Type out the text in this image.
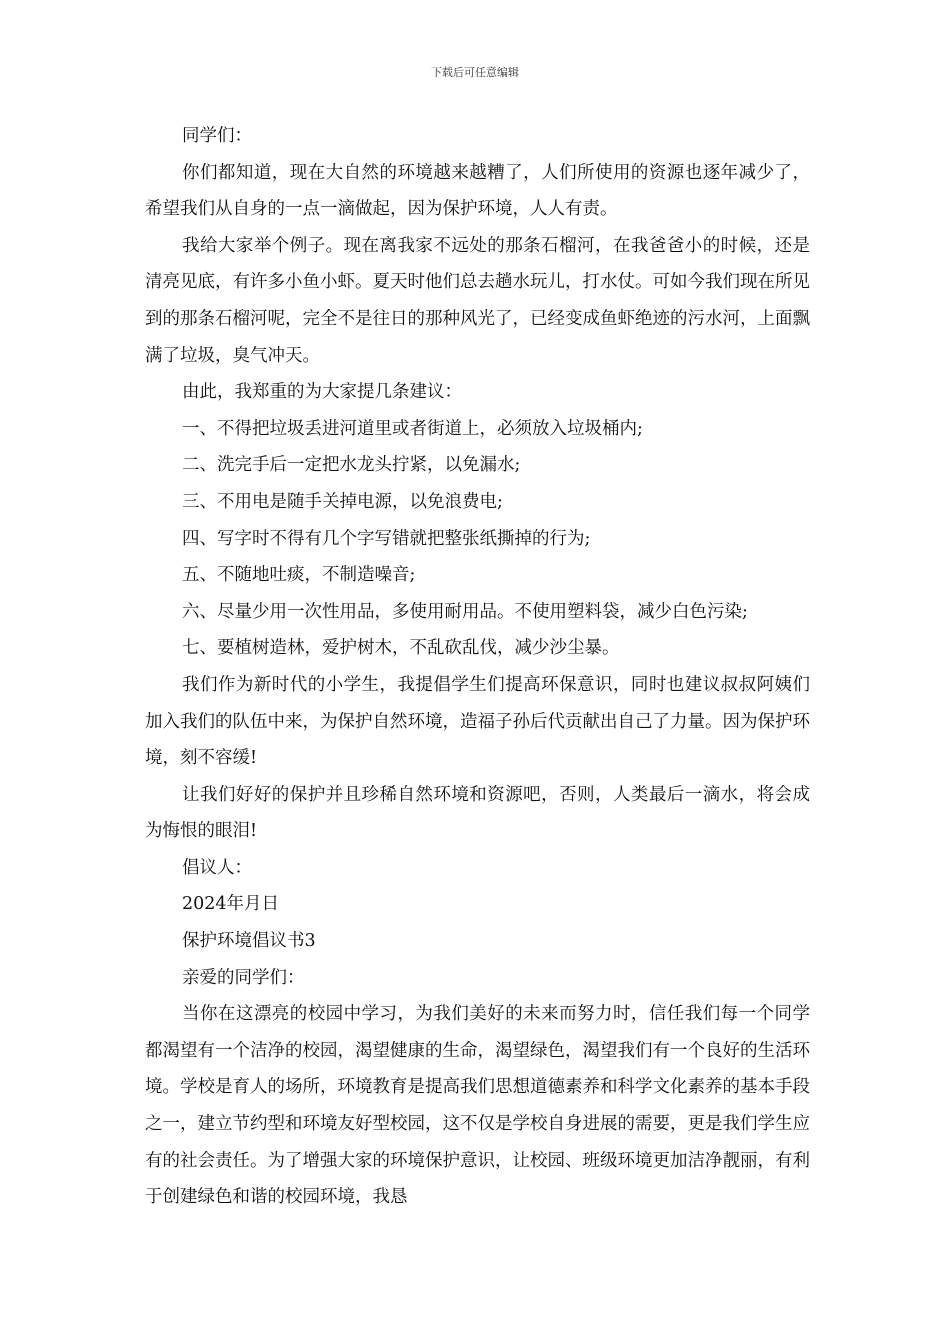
下载后可任意编辑

同学们：

你们都知道，现在大自然的环境越来越糟了，人们所使用的资源也逐年减少了，希望我们从自身的一点一滴做起，因为保护环境，人人有责。

我给大家举个例子。现在离我家不远处的那条石榴河，在我爸爸小的时候，还是清亮见底，有许多小鱼小虾。夏天时他们总去趟水玩儿，打水仗。可如今我们现在所见到的那条石榴河呢，完全不是往日的那种风光了，已经变成鱼虾绝迹的污水河，上面飘满了垃圾，臭气冲天。

由此，我郑重的为大家提几条建议：

一、不得把垃圾丢进河道里或者街道上，必须放入垃圾桶内;

二、洗完手后一定把水龙头拧紧，以免漏水;

三、不用电是随手关掉电源，以免浪费电;

四、写字时不得有几个字写错就把整张纸撕掉的行为;

五、不随地吐痰，不制造噪音;

六、尽量少用一次性用品，多使用耐用品。不使用塑料袋，减少白色污染;

七、要植树造林，爱护树木，不乱砍乱伐，减少沙尘暴。

我们作为新时代的小学生，我提倡学生们提高环保意识，同时也建议叔叔阿姨们加入我们的队伍中来，为保护自然环境，造福子孙后代贡献出自己了力量。因为保护环境，刻不容缓!

让我们好好的保护并且珍稀自然环境和资源吧，否则，人类最后一滴水，将会成为悔恨的眼泪!

倡议人：

2024年月日

保护环境倡议书3

亲爱的同学们：

当你在这漂亮的校园中学习，为我们美好的未来而努力时，信任我们每一个同学都渴望有一个洁净的校园，渴望健康的生命，渴望绿色，渴望我们有一个良好的生活环境。学校是育人的场所，环境教育是提高我们思想道德素养和科学文化素养的基本手段之一，建立节约型和环境友好型校园，这不仅是学校自身进展的需要，更是我们学生应有的社会责任。为了增强大家的环境保护意识，让校园、班级环境更加洁净靓丽，有利于创建绿色和谐的校园环境，我恳
